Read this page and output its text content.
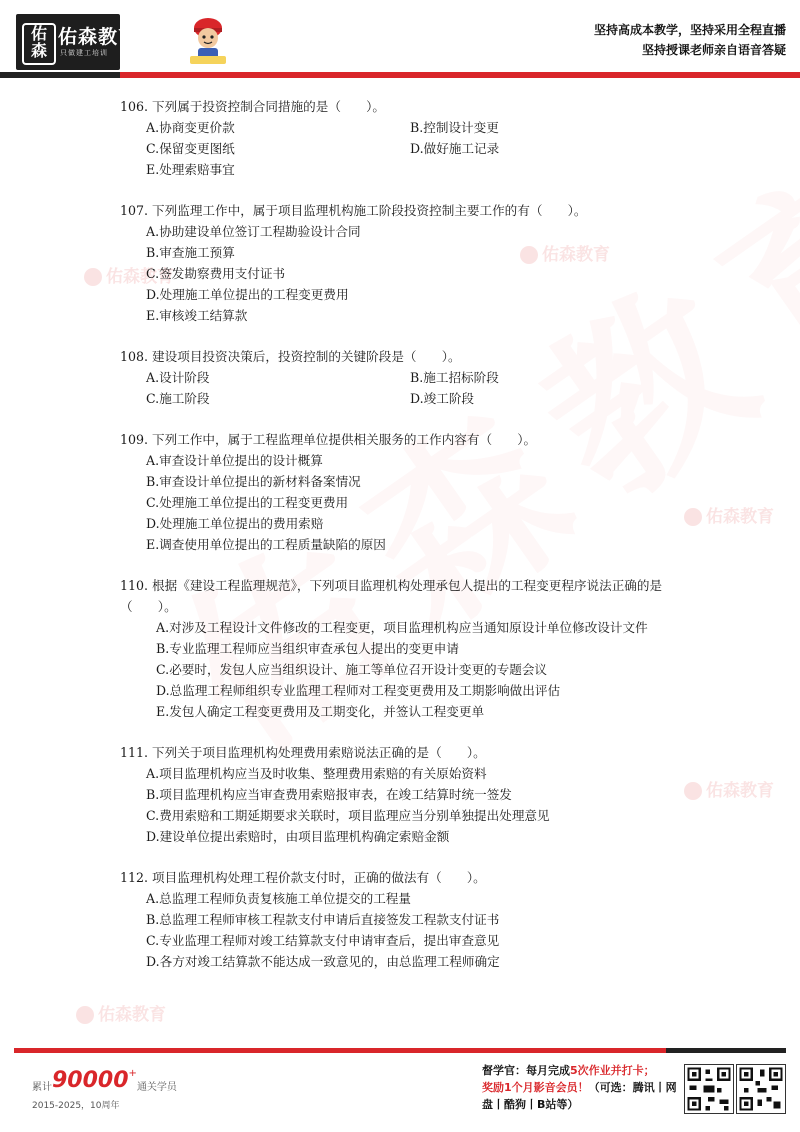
佑森
佑森教育
只做建工培训
坚持高成本教学，坚持采用全程直播
坚持授课老师亲自语音答疑
佑森教育
佑森教育
佑森教育
佑森教育
佑森教育
106. 下列属于投资控制合同措施的是（　　）。
A.协商变更价款	B.控制设计变更
C.保留变更图纸	D.做好施工记录
E.处理索赔事宜
107. 下列监理工作中，属于项目监理机构施工阶段投资控制主要工作的有（　　）。
A.协助建设单位签订工程勘验设计合同
B.审查施工预算
C.签发勘察费用支付证书
D.处理施工单位提出的工程变更费用
E.审核竣工结算款
108. 建设项目投资决策后，投资控制的关键阶段是（　　）。
A.设计阶段	B.施工招标阶段
C.施工阶段	D.竣工阶段
109. 下列工作中，属于工程监理单位提供相关服务的工作内容有（　　）。
A.审查设计单位提出的设计概算
B.审查设计单位提出的新材料备案情况
C.处理施工单位提出的工程变更费用
D.处理施工单位提出的费用索赔
E.调查使用单位提出的工程质量缺陷的原因
110. 根据《建设工程监理规范》，下列项目监理机构处理承包人提出的工程变更程序说法正确的是（　　）。
A.对涉及工程设计文件修改的工程变更，项目监理机构应当通知原设计单位修改设计文件
B.专业监理工程师应当组织审查承包人提出的变更申请
C.必要时，发包人应当组织设计、施工等单位召开设计变更的专题会议
D.总监理工程师组织专业监理工程师对工程变更费用及工期影响做出评估
E.发包人确定工程变更费用及工期变化，并签认工程变更单
111. 下列关于项目监理机构处理费用索赔说法正确的是（　　）。
A.项目监理机构应当及时收集、整理费用索赔的有关原始资料
B.项目监理机构应当审查费用索赔报审表，在竣工结算时统一签发
C.费用索赔和工期延期要求关联时，项目监理应当分别单独提出处理意见
D.建设单位提出索赔时，由项目监理机构确定索赔金额
112. 项目监理机构处理工程价款支付时，正确的做法有（　　）。
A.总监理工程师负责复核施工单位提交的工程量
B.总监理工程师审核工程款支付申请后直接签发工程款支付证书
C.专业监理工程师对竣工结算款支付申请审查后，提出审查意见
D.各方对竣工结算款不能达成一致意见的，由总监理工程师确定
累计90000+通关学员
2015-2025，10周年
督学官：每月完成5次作业并打卡；
奖励1个月影音会员！（可选：腾讯丨网盘丨酷狗丨B站等）
